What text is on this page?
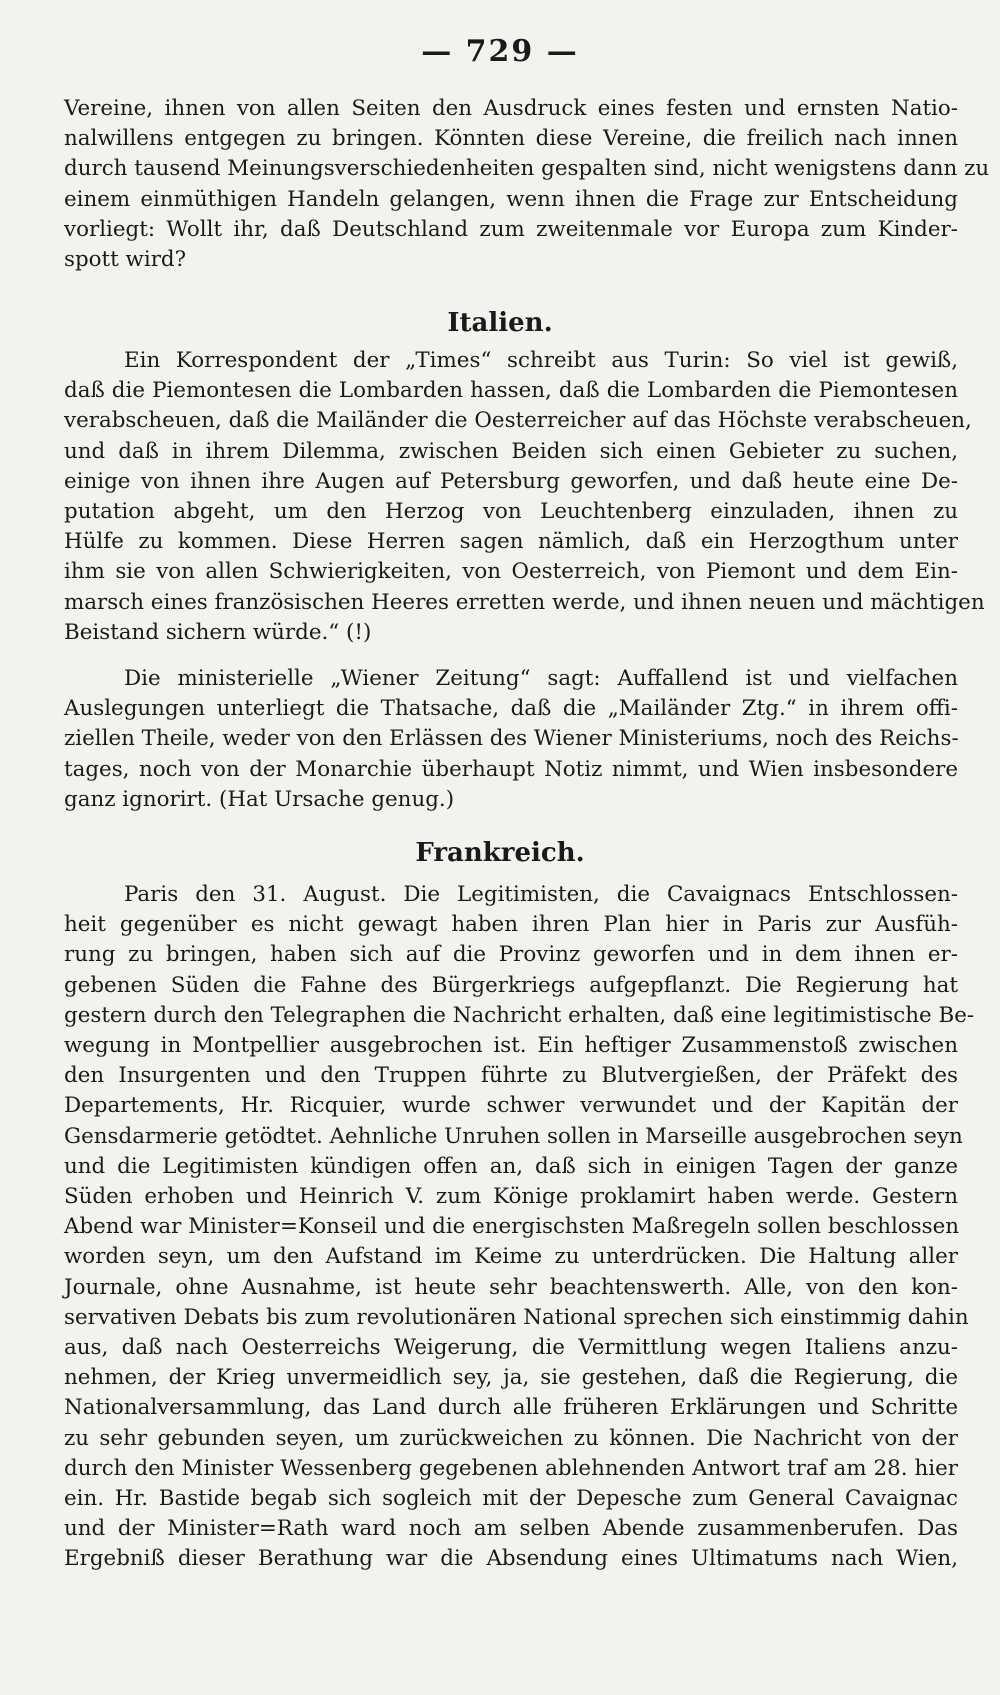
— 729 —
Vereine, ihnen von allen Seiten den Ausdruck eines festen und ernsten Natio-
nalwillens entgegen zu bringen. Könnten diese Vereine, die freilich nach innen
durch tausend Meinungsverschiedenheiten gespalten sind, nicht wenigstens dann zu
einem einmüthigen Handeln gelangen, wenn ihnen die Frage zur Entscheidung
vorliegt: Wollt ihr, daß Deutschland zum zweitenmale vor Europa zum Kinder-
spott wird?
Italien.
Ein Korrespondent der „Times“ schreibt aus Turin: So viel ist gewiß,
daß die Piemontesen die Lombarden hassen, daß die Lombarden die Piemontesen
verabscheuen, daß die Mailänder die Oesterreicher auf das Höchste verabscheuen,
und daß in ihrem Dilemma, zwischen Beiden sich einen Gebieter zu suchen,
einige von ihnen ihre Augen auf Petersburg geworfen, und daß heute eine De-
putation abgeht, um den Herzog von Leuchtenberg einzuladen, ihnen zu
Hülfe zu kommen. Diese Herren sagen nämlich, daß ein Herzogthum unter
ihm sie von allen Schwierigkeiten, von Oesterreich, von Piemont und dem Ein-
marsch eines französischen Heeres erretten werde, und ihnen neuen und mächtigen
Beistand sichern würde.“ (!)
Die ministerielle „Wiener Zeitung“ sagt: Auffallend ist und vielfachen
Auslegungen unterliegt die Thatsache, daß die „Mailänder Ztg.“ in ihrem offi-
ziellen Theile, weder von den Erlässen des Wiener Ministeriums, noch des Reichs-
tages, noch von der Monarchie überhaupt Notiz nimmt, und Wien insbesondere
ganz ignorirt. (Hat Ursache genug.)
Frankreich.
Paris den 31. August. Die Legitimisten, die Cavaignacs Entschlossen-
heit gegenüber es nicht gewagt haben ihren Plan hier in Paris zur Ausfüh-
rung zu bringen, haben sich auf die Provinz geworfen und in dem ihnen er-
gebenen Süden die Fahne des Bürgerkriegs aufgepflanzt. Die Regierung hat
gestern durch den Telegraphen die Nachricht erhalten, daß eine legitimistische Be-
wegung in Montpellier ausgebrochen ist. Ein heftiger Zusammenstoß zwischen
den Insurgenten und den Truppen führte zu Blutvergießen, der Präfekt des
Departements, Hr. Ricquier, wurde schwer verwundet und der Kapitän der
Gensdarmerie getödtet. Aehnliche Unruhen sollen in Marseille ausgebrochen seyn
und die Legitimisten kündigen offen an, daß sich in einigen Tagen der ganze
Süden erhoben und Heinrich V. zum Könige proklamirt haben werde. Gestern
Abend war Minister=Konseil und die energischsten Maßregeln sollen beschlossen
worden seyn, um den Aufstand im Keime zu unterdrücken. Die Haltung aller
Journale, ohne Ausnahme, ist heute sehr beachtenswerth. Alle, von den kon-
servativen Debats bis zum revolutionären National sprechen sich einstimmig dahin
aus, daß nach Oesterreichs Weigerung, die Vermittlung wegen Italiens anzu-
nehmen, der Krieg unvermeidlich sey, ja, sie gestehen, daß die Regierung, die
Nationalversammlung, das Land durch alle früheren Erklärungen und Schritte
zu sehr gebunden seyen, um zurückweichen zu können. Die Nachricht von der
durch den Minister Wessenberg gegebenen ablehnenden Antwort traf am 28. hier
ein. Hr. Bastide begab sich sogleich mit der Depesche zum General Cavaignac
und der Minister=Rath ward noch am selben Abende zusammenberufen. Das
Ergebniß dieser Berathung war die Absendung eines Ultimatums nach Wien,
